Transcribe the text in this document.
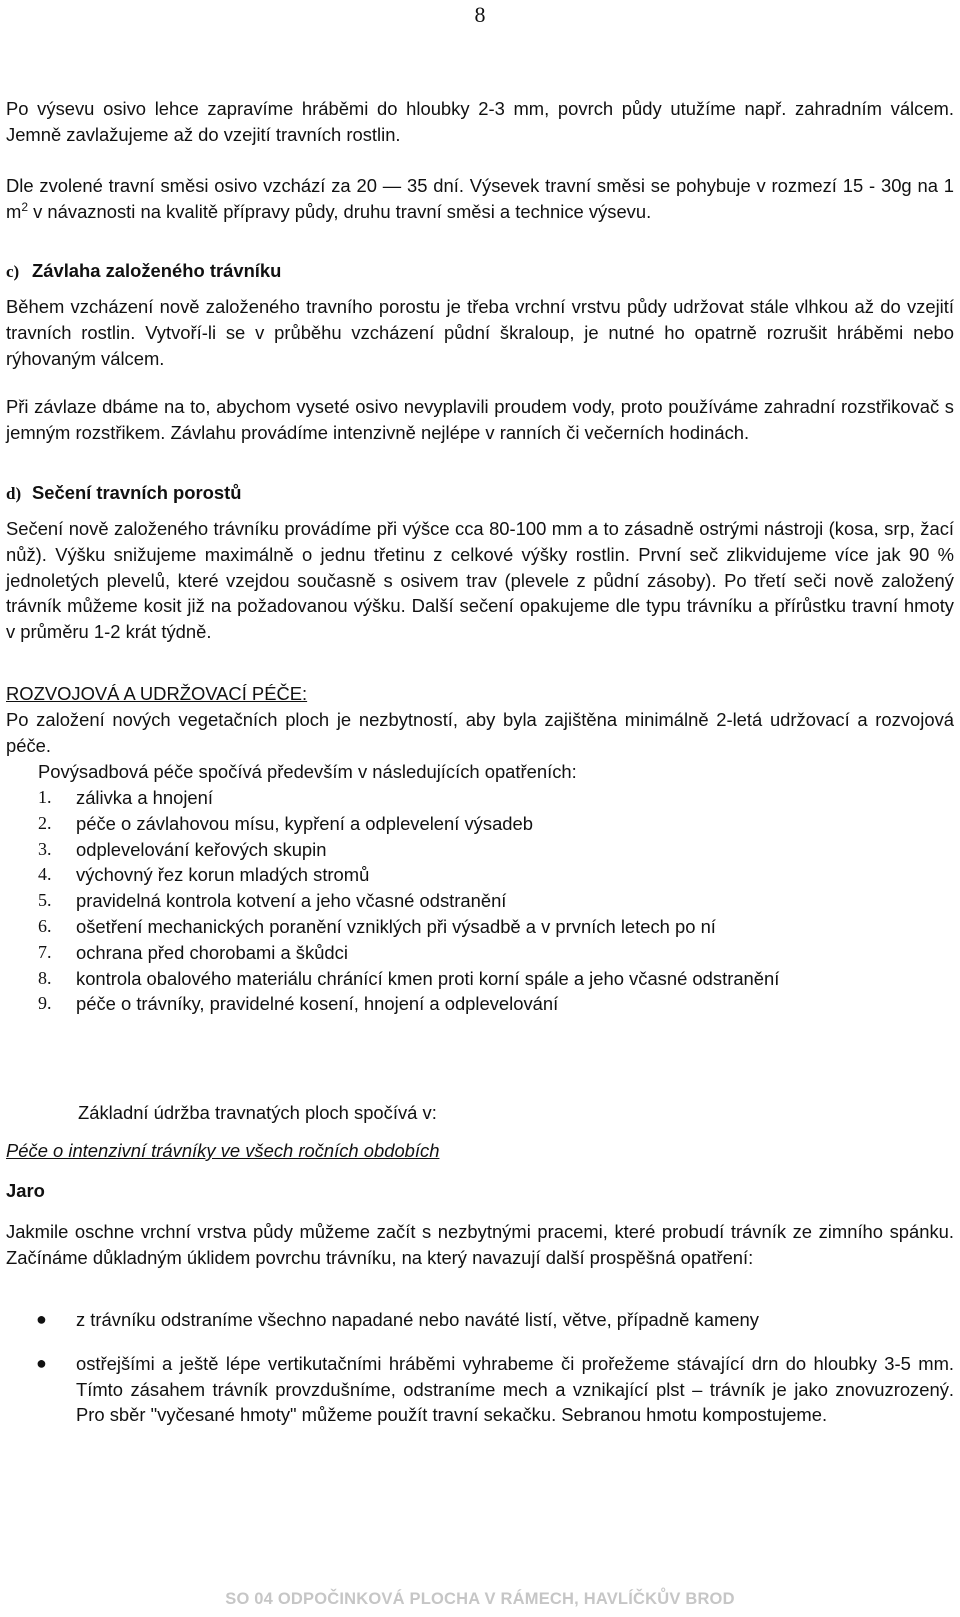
8

Po výsevu osivo lehce zapravíme hráběmi do hloubky 2-3 mm, povrch půdy utužíme např. zahradním válcem. Jemně zavlažujeme až do vzejití travních rostlin.

Dle zvolené travní směsi osivo vzchází za 20 — 35 dní. Výsevek travní směsi se pohybuje v rozmezí 15 - 30g na 1 $m^2$ v návaznosti na kvalitě přípravy půdy, druhu travní směsi a technice výsevu.

c) Závlaha založeného trávníku

Během vzcházení nově založeného travního porostu je třeba vrchní vrstvu půdy udržovat stále vlhkou až do vzejití travních rostlin. Vytvoří-li se v průběhu vzcházení půdní škraloup, je nutné ho opatrně rozrušit hráběmi nebo rýhovaným válcem.

Při závlaze dbáme na to, abychom vyseté osivo nevyplavili proudem vody, proto používáme zahradní rozstřikovač s jemným rozstřikem. Závlahu provádíme intenzivně nejlépe v ranních či večerních hodinách.

d) Sečení travních porostů

Sečení nově založeného trávníku provádíme při výšce cca 80-100 mm a to zásadně ostrými nástroji (kosa, srp, žací nůž). Výšku snižujeme maximálně o jednu třetinu z celkové výšky rostlin. První seč zlikvidujeme více jak 90 % jednoletých plevelů, které vzejdou současně s osivem trav (plevele z půdní zásoby). Po třetí seči nově založený trávník můžeme kosit již na požadovanou výšku. Další sečení opakujeme dle typu trávníku a přírůstku travní hmoty v průměru 1-2 krát týdně.

ROZVOJOVÁ A UDRŽOVACÍ PÉČE:

Po založení nových vegetačních ploch je nezbytností, aby byla zajištěna minimálně 2-letá udržovací a rozvojová péče.

Povýsadbová péče spočívá především v následujících opatřeních:
1. zálivka a hnojení
2. péče o závlahovou mísu, kypření a odplevelení výsadeb
3. odplevelování keřových skupin
4. výchovný řez korun mladých stromů
5. pravidelná kontrola kotvení a jeho včasné odstranění
6. ošetření mechanických poranění vzniklých při výsadbě a v prvních letech po ní
7. ochrana před chorobami a škůdci
8. kontrola obalového materiálu chránící kmen proti korní spále a jeho včasné odstranění
9. péče o trávníky, pravidelné kosení, hnojení a odplevelování
Základní údržba travnatých ploch spočívá v:
Péče o intenzivní trávníky ve všech ročních obdobích
Jaro

Jakmile oschne vrchní vrstva půdy můžeme začít s nezbytnými pracemi, které probudí trávník ze zimního spánku. Začínáme důkladným úklidem povrchu trávníku, na který navazují další prospěšná opatření:

● z trávníku odstraníme všechno napadané nebo naváté listí, větve, případně kameny
● ostřejšími a ještě lépe vertikutačními hráběmi vyhrabeme či prořežeme stávající drn do hloubky 3-5 mm. Tímto zásahem trávník provzdušníme, odstraníme mech a vznikající plst – trávník je jako znovuzrozený. Pro sběr "vyčesané hmoty" můžeme použít travní sekačku. Sebranou hmotu kompostujeme.
SO 04 ODPOČINKOVÁ PLOCHA V RÁMECH, HAVLÍČKŮV BROD
